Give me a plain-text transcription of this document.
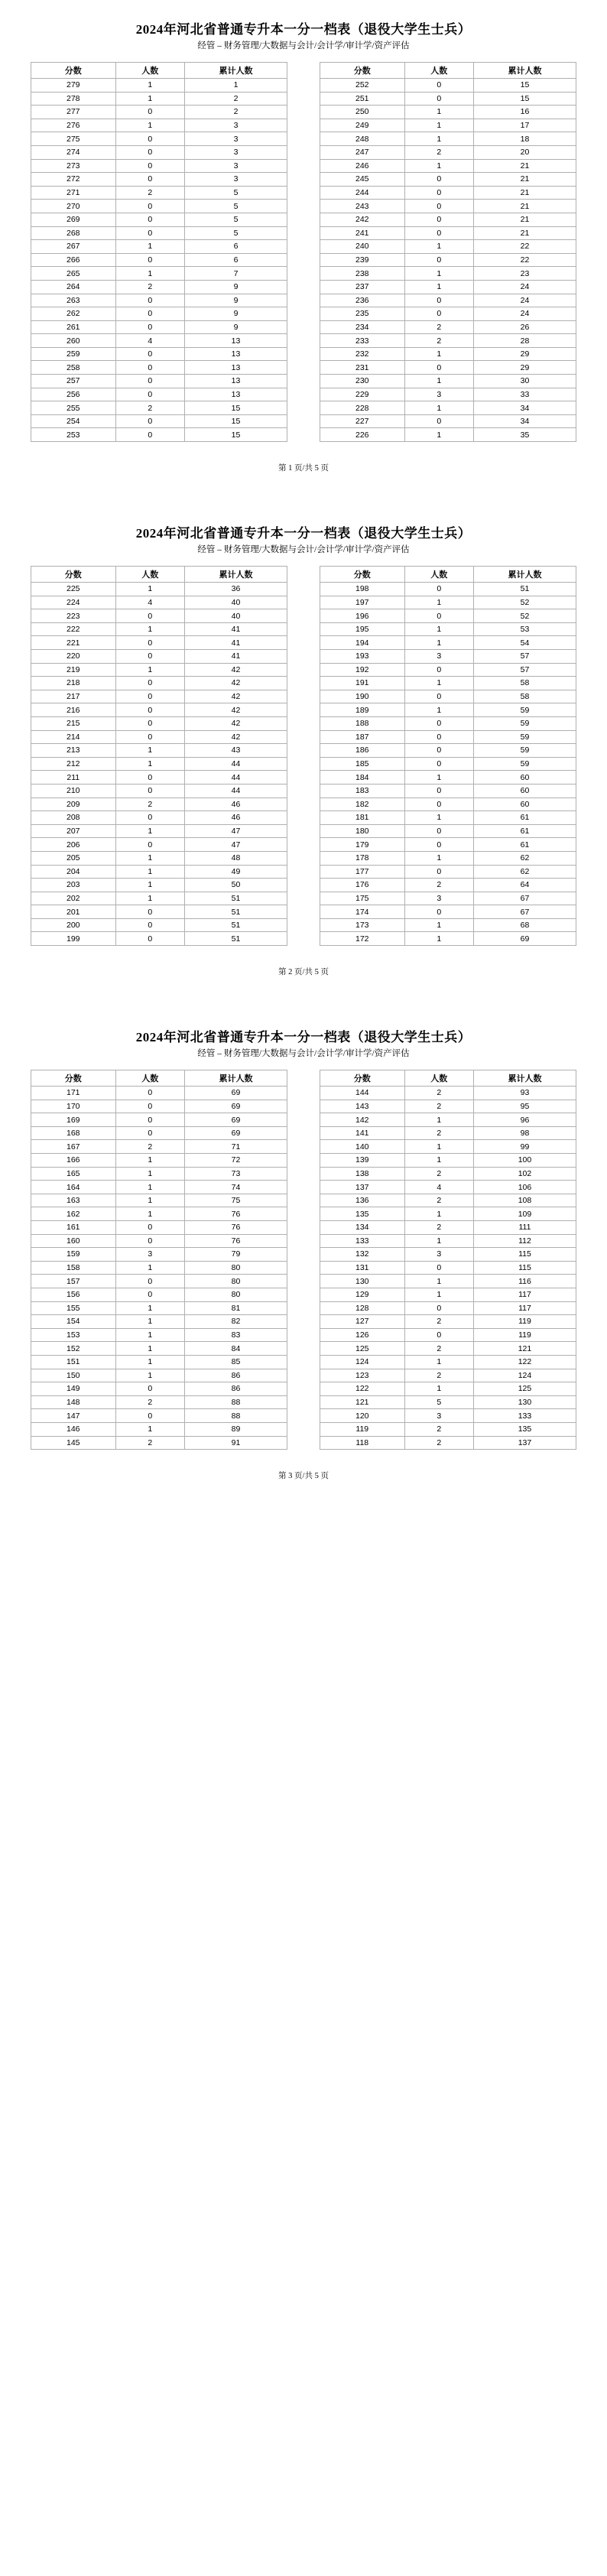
2024年河北省普通专升本一分一档表（退役大学生士兵）
经管 – 财务管理/大数据与会计/会计学/审计学/资产评估
分数	人数	累计人数
279	1	1
278	1	2
277	0	2
276	1	3
275	0	3
274	0	3
273	0	3
272	0	3
271	2	5
270	0	5
269	0	5
268	0	5
267	1	6
266	0	6
265	1	7
264	2	9
263	0	9
262	0	9
261	0	9
260	4	13
259	0	13
258	0	13
257	0	13
256	0	13
255	2	15
254	0	15
253	0	15
分数	人数	累计人数
252	0	15
251	0	15
250	1	16
249	1	17
248	1	18
247	2	20
246	1	21
245	0	21
244	0	21
243	0	21
242	0	21
241	0	21
240	1	22
239	0	22
238	1	23
237	1	24
236	0	24
235	0	24
234	2	26
233	2	28
232	1	29
231	0	29
230	1	30
229	3	33
228	1	34
227	0	34
226	1	35
第 1 页/共 5 页
2024年河北省普通专升本一分一档表（退役大学生士兵）
经管 – 财务管理/大数据与会计/会计学/审计学/资产评估
分数	人数	累计人数
225	1	36
224	4	40
223	0	40
222	1	41
221	0	41
220	0	41
219	1	42
218	0	42
217	0	42
216	0	42
215	0	42
214	0	42
213	1	43
212	1	44
211	0	44
210	0	44
209	2	46
208	0	46
207	1	47
206	0	47
205	1	48
204	1	49
203	1	50
202	1	51
201	0	51
200	0	51
199	0	51
分数	人数	累计人数
198	0	51
197	1	52
196	0	52
195	1	53
194	1	54
193	3	57
192	0	57
191	1	58
190	0	58
189	1	59
188	0	59
187	0	59
186	0	59
185	0	59
184	1	60
183	0	60
182	0	60
181	1	61
180	0	61
179	0	61
178	1	62
177	0	62
176	2	64
175	3	67
174	0	67
173	1	68
172	1	69
第 2 页/共 5 页
2024年河北省普通专升本一分一档表（退役大学生士兵）
经管 – 财务管理/大数据与会计/会计学/审计学/资产评估
分数	人数	累计人数
171	0	69
170	0	69
169	0	69
168	0	69
167	2	71
166	1	72
165	1	73
164	1	74
163	1	75
162	1	76
161	0	76
160	0	76
159	3	79
158	1	80
157	0	80
156	0	80
155	1	81
154	1	82
153	1	83
152	1	84
151	1	85
150	1	86
149	0	86
148	2	88
147	0	88
146	1	89
145	2	91
分数	人数	累计人数
144	2	93
143	2	95
142	1	96
141	2	98
140	1	99
139	1	100
138	2	102
137	4	106
136	2	108
135	1	109
134	2	111
133	1	112
132	3	115
131	0	115
130	1	116
129	1	117
128	0	117
127	2	119
126	0	119
125	2	121
124	1	122
123	2	124
122	1	125
121	5	130
120	3	133
119	2	135
118	2	137
第 3 页/共 5 页
